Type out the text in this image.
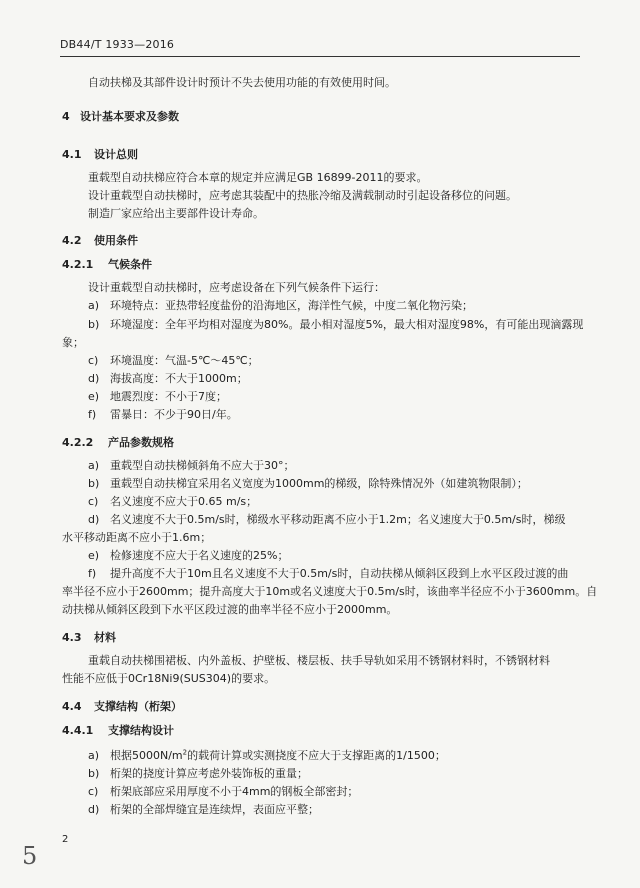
DB44/T 1933—2016
自动扶梯及其部件设计时预计不失去使用功能的有效使用时间。
4 设计基本要求及参数
4.1 设计总则
重载型自动扶梯应符合本章的规定并应满足GB 16899-2011的要求。
设计重载型自动扶梯时，应考虑其装配中的热胀冷缩及满载制动时引起设备移位的问题。
制造厂家应给出主要部件设计寿命。
4.2 使用条件
4.2.1 气候条件
设计重载型自动扶梯时，应考虑设备在下列气候条件下运行：
a) 环境特点：亚热带轻度盐份的沿海地区，海洋性气候，中度二氧化物污染；
b) 环境湿度：全年平均相对湿度为80%。最小相对湿度5%，最大相对湿度98%，有可能出现滴露现
象；
c) 环境温度：气温-5℃～45℃；
d) 海拔高度：不大于1000m；
e) 地震烈度：不小于7度；
f) 雷暴日：不少于90日/年。
4.2.2 产品参数规格
a) 重载型自动扶梯倾斜角不应大于30°；
b) 重载型自动扶梯宜采用名义宽度为1000mm的梯级，除特殊情况外（如建筑物限制）；
c) 名义速度不应大于0.65 m/s；
d) 名义速度不大于0.5m/s时，梯级水平移动距离不应小于1.2m；名义速度大于0.5m/s时，梯级
水平移动距离不应小于1.6m；
e) 检修速度不应大于名义速度的25%；
f) 提升高度不大于10m且名义速度不大于0.5m/s时，自动扶梯从倾斜区段到上水平区段过渡的曲
率半径不应小于2600mm；提升高度大于10m或名义速度大于0.5m/s时，该曲率半径应不小于3600mm。自
动扶梯从倾斜区段到下水平区段过渡的曲率半径不应小于2000mm。
4.3 材料
重载自动扶梯围裙板、内外盖板、护壁板、楼层板、扶手导轨如采用不锈钢材料时，不锈钢材料
性能不应低于0Cr18Ni9(SUS304)的要求。
4.4 支撑结构（桁架）
4.4.1 支撑结构设计
a) 根据$5000N/m^2$的载荷计算或实测挠度不应大于支撑距离的1/1500；
b) 桁架的挠度计算应考虑外装饰板的重量；
c) 桁架底部应采用厚度不小于4mm的钢板全部密封；
d) 桁架的全部焊缝宜是连续焊，表面应平整；
2
5
